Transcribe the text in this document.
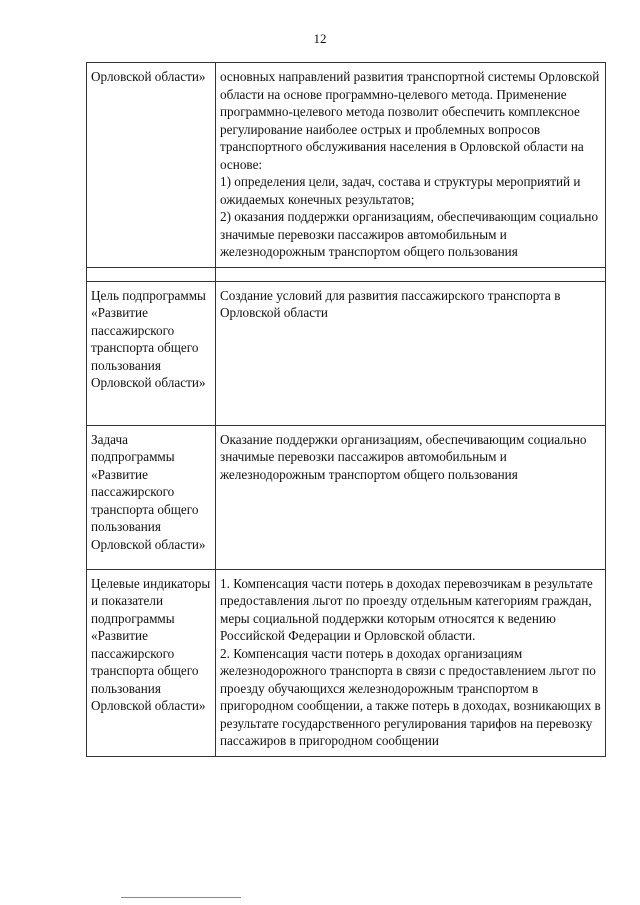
12
Орловской области»	основных направлений развития транспортной системы Орловской области на основе программно-целевого метода. Применение программно-целевого метода позволит обеспечить комплексное регулирование наиболее острых и проблемных вопросов транспортного обслуживания населения в Орловской области на основе:
1) определения цели, задач, состава и структуры мероприятий и ожидаемых конечных результатов;
2) оказания поддержки организациям, обеспечивающим социально значимые перевозки пассажиров автомобильным и железнодорожным транспортом общего пользования

Цель подпрограммы «Развитие пассажирского транспорта общего пользования Орловской области»	Создание условий для развития пассажирского транспорта в Орловской области
Задача подпрограммы «Развитие пассажирского транспорта общего пользования Орловской области»	Оказание поддержки организациям, обеспечивающим социально значимые перевозки пассажиров автомобильным и железнодорожным транспортом общего пользования
Целевые индикаторы и показатели подпрограммы «Развитие пассажирского транспорта общего пользования Орловской области»	1. Компенсация части потерь в доходах перевозчикам в результате предоставления льгот по проезду отдельным категориям граждан, меры социальной поддержки которым относятся к ведению Российской Федерации и Орловской области.
2. Компенсация части потерь в доходах организациям железнодорожного транспорта в связи с предоставлением льгот по проезду обучающихся железнодорожным транспортом в пригородном сообщении, а также потерь в доходах, возникающих в результате государственного регулирования тарифов на перевозку пассажиров в пригородном сообщении
